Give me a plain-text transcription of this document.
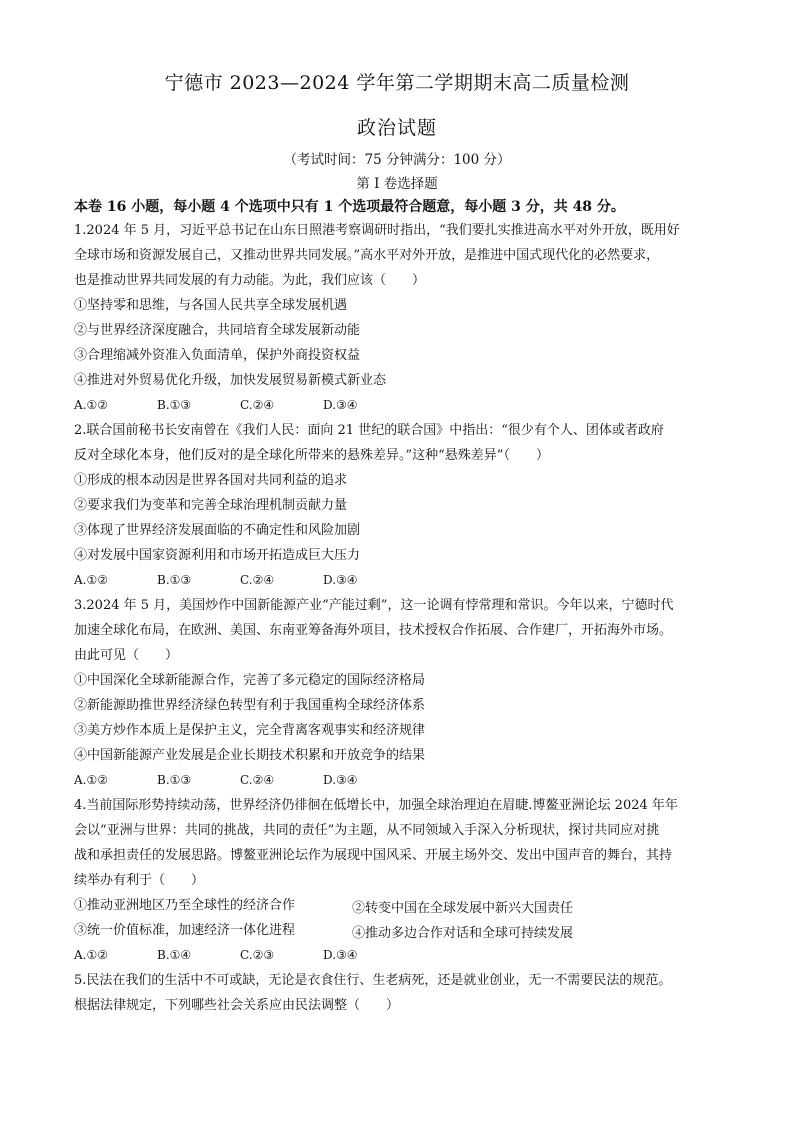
宁德市 2023—2024 学年第二学期期末高二质量检测
政治试题
（考试时间：75 分钟满分：100 分）
第 I 卷选择题
本卷 16 小题，每小题 4 个选项中只有 1 个选项最符合题意，每小题 3 分，共 48 分。
1.2024 年 5 月，习近平总书记在山东日照港考察调研时指出，“我们要扎实推进高水平对外开放，既用好
全球市场和资源发展自己，又推动世界共同发展。”高水平对外开放，是推进中国式现代化的必然要求，
也是推动世界共同发展的有力动能。为此，我们应该（　　）
①坚持零和思维，与各国人民共享全球发展机遇
②与世界经济深度融合，共同培育全球发展新动能
③合理缩减外资准入负面清单，保护外商投资权益
④推进对外贸易优化升级，加快发展贸易新模式新业态
A.①②	B.①③	C.②④	D.③④
2.联合国前秘书长安南曾在《我们人民：面向 21 世纪的联合国》中指出：“很少有个人、团体或者政府
反对全球化本身，他们反对的是全球化所带来的悬殊差异。”这种“悬殊差异”（　　）
①形成的根本动因是世界各国对共同利益的追求
②要求我们为变革和完善全球治理机制贡献力量
③体现了世界经济发展面临的不确定性和风险加剧
④对发展中国家资源利用和市场开拓造成巨大压力
A.①②	B.①③	C.②④	D.③④
3.2024 年 5 月，美国炒作中国新能源产业“产能过剩”，这一论调有悖常理和常识。今年以来，宁德时代
加速全球化布局，在欧洲、美国、东南亚筹备海外项目，技术授权合作拓展、合作建厂，开拓海外市场。
由此可见（　　）
①中国深化全球新能源合作，完善了多元稳定的国际经济格局
②新能源助推世界经济绿色转型有利于我国重构全球经济体系
③美方炒作本质上是保护主义，完全背离客观事实和经济规律
④中国新能源产业发展是企业长期技术积累和开放竞争的结果
A.①②	B.①③	C.②④	D.③④
4.当前国际形势持续动荡，世界经济仍徘徊在低增长中，加强全球治理迫在眉睫.博鳌亚洲论坛 2024 年年
会以“亚洲与世界：共同的挑战，共同的责任”为主题，从不同领域入手深入分析现状，探讨共同应对挑
战和承担责任的发展思路。博鳌亚洲论坛作为展现中国风采、开展主场外交、发出中国声音的舞台，其持
续举办有利于（　　）
①推动亚洲地区乃至全球性的经济合作	②转变中国在全球发展中新兴大国责任
③统一价值标准，加速经济一体化进程	④推动多边合作对话和全球可持续发展
A.①②	B.①④	C.②③	D.③④
5.民法在我们的生活中不可或缺，无论是衣食住行、生老病死，还是就业创业，无一不需要民法的规范。
根据法律规定，下列哪些社会关系应由民法调整（　　）
